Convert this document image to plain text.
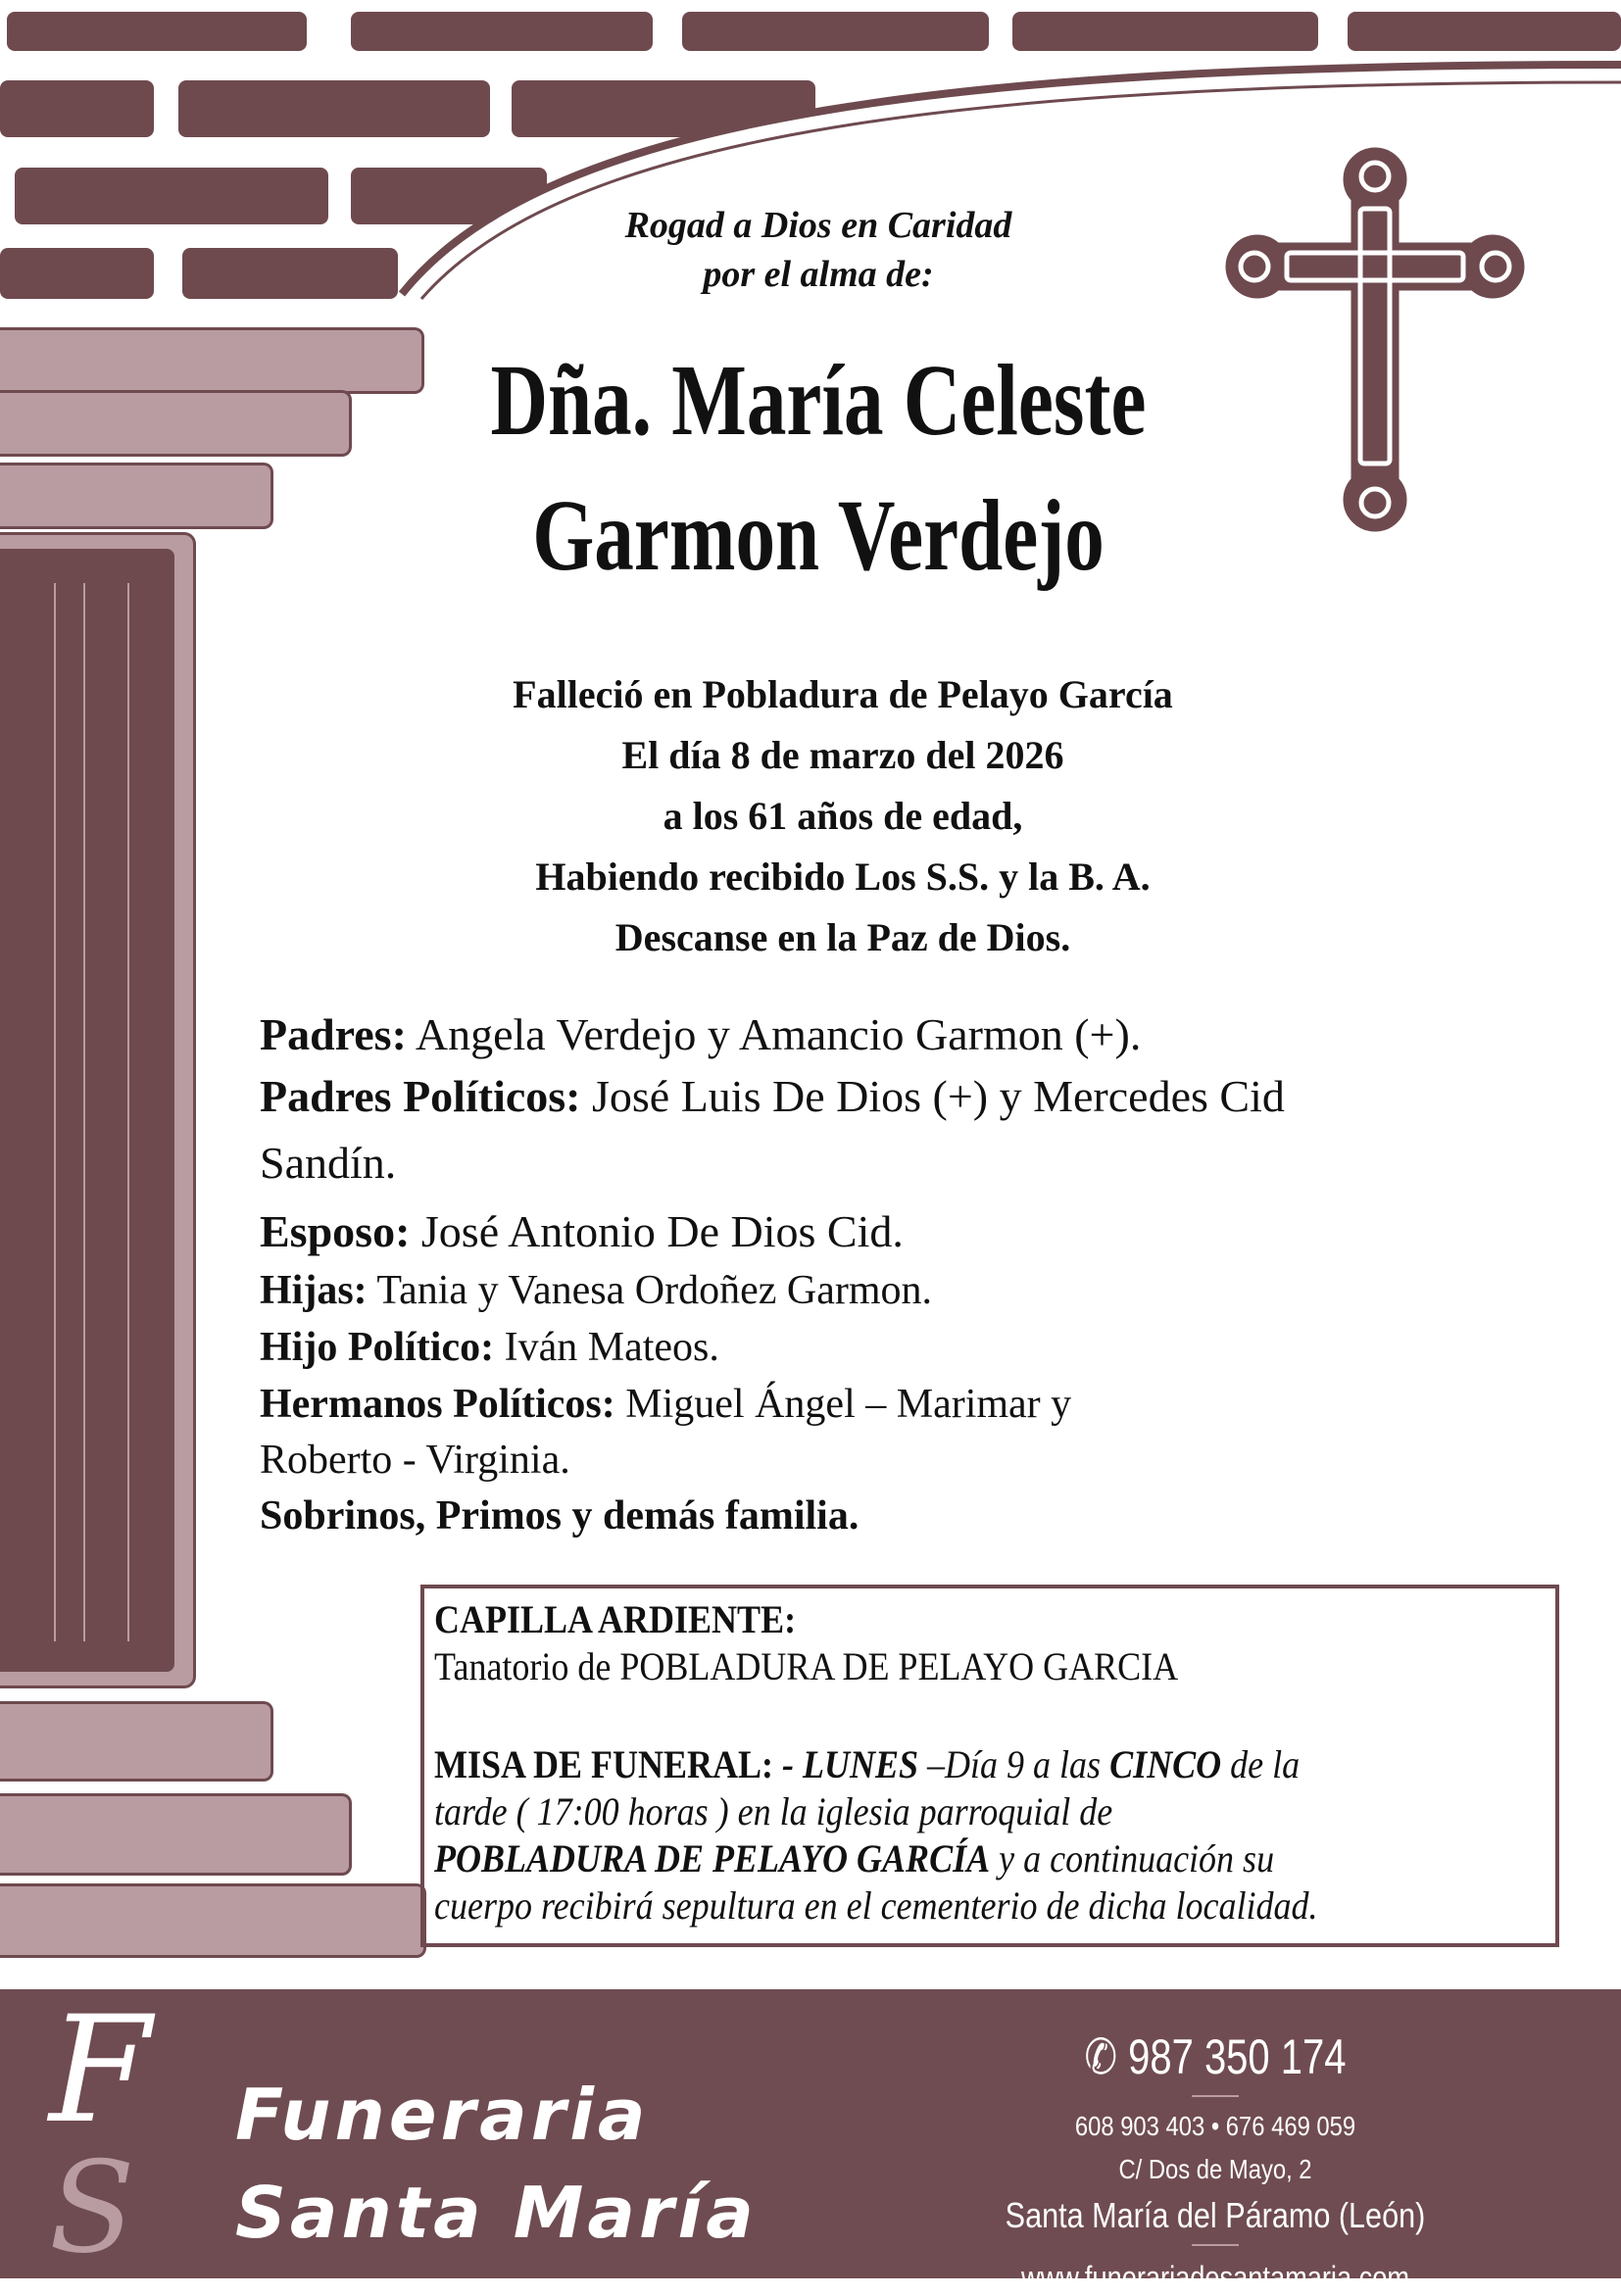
Rogad a Dios en Caridad
por el alma de:
Dña. María Celeste
Garmon Verdejo
Falleció en Pobladura de Pelayo García
El día 8 de marzo del 2026
a los 61 años de edad,
Habiendo recibido Los S.S. y la B. A.
Descanse en la Paz de Dios.
Padres: Angela Verdejo y Amancio Garmon (+).
Padres Políticos: José Luis De Dios (+) y Mercedes Cid
Sandín.
Esposo: José Antonio De Dios Cid.
Hijas: Tania y Vanesa Ordoñez Garmon.
Hijo Político: Iván Mateos.
Hermanos Políticos: Miguel Ángel – Marimar y
Roberto - Virginia.
Sobrinos, Primos y demás familia.
CAPILLA ARDIENTE:
Tanatorio de POBLADURA DE PELAYO GARCIA
MISA DE FUNERAL: - LUNES –Día 9 a las CINCO de la
tarde ( 17:00 horas ) en la iglesia parroquial de
POBLADURA DE PELAYO GARCÍA y a continuación su
cuerpo recibirá sepultura en el cementerio de dicha localidad.
F
S
Funeraria
Santa María
✆ 987 350 174
608 903 403 • 676 469 059
C/ Dos de Mayo, 2
Santa María del Páramo (León)
www.funerariadesantamaria.com
